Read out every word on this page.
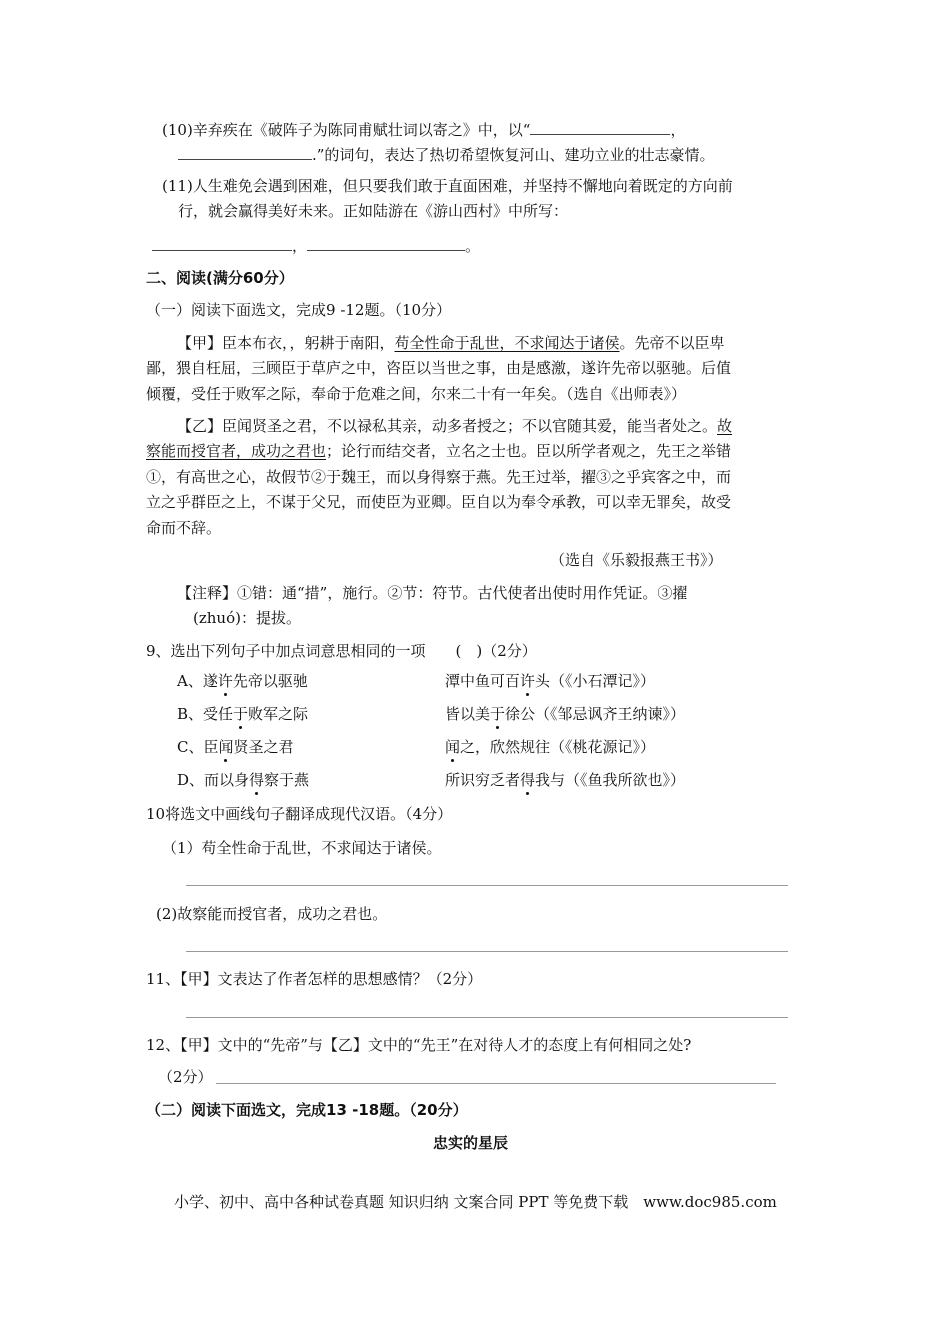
(10)辛弃疾在《破阵子为陈同甫赋壮词以寄之》中，以“	，
.”的词句，表达了热切希望恢复河山、建功立业的壮志豪情。
(11)人生难免会遇到困难，但只要我们敢于直面困难，并坚持不懈地向着既定的方向前
行，就会赢得美好未来。正如陆游在《游山西村》中所写：
，	。
二、阅读(满分60分）
（一）阅读下面选文，完成9 -12题。（10分）
【甲】臣本布衣，，躬耕于南阳，苟全性命于乱世，不求闻达于诸侯。先帝不以臣卑
鄙，猥自枉屈，三顾臣于草庐之中，咨臣以当世之事，由是感激，遂许先帝以驱驰。后值
倾覆，受任于败军之际，奉命于危难之间，尔来二十有一年矣。（选自《出师表》）
【乙】臣闻贤圣之君，不以禄私其亲，动多者授之；不以官随其爱，能当者处之。故
察能而授官者，成功之君也；论行而结交者，立名之士也。臣以所学者观之，先王之举错
①，有高世之心，故假节②于魏王，而以身得察于燕。先王过举，擢③之乎宾客之中，而
立之乎群臣之上，不谋于父兄，而使臣为亚卿。臣自以为奉令承教，可以幸无罪矣，故受
命而不辞。
（选自《乐毅报燕王书》）
【注释】①错：通“措”，施行。②节：符节。古代使者出使时用作凭证。③擢
(zhuó)：提拔。
9、选出下列句子中加点词意思相同的一项　　(　)（2分）
A、遂许先帝以驱驰	潭中鱼可百许头（《小石潭记》）
B、受任于败军之际	皆以美于徐公（《邹忌讽齐王纳谏》）
C、臣闻贤圣之君	闻之，欣然规往（《桃花源记》）
D、而以身得察于燕	所识穷乏者得我与（《鱼我所欲也》）
10将选文中画线句子翻译成现代汉语。（4分）
（1）苟全性命于乱世，不求闻达于诸侯。
(2)故察能而授官者，成功之君也。
11、【甲】文表达了作者怎样的思想感情？（2分）
12、【甲】文中的“先帝”与【乙】文中的“先王”在对待人才的态度上有何相同之处?
（2分）
（二）阅读下面选文，完成13 -18题。（20分）
忠实的星辰
小学、初中、高中各种试卷真题 知识归纳 文案合同 PPT 等免费下载　www.doc985.com
